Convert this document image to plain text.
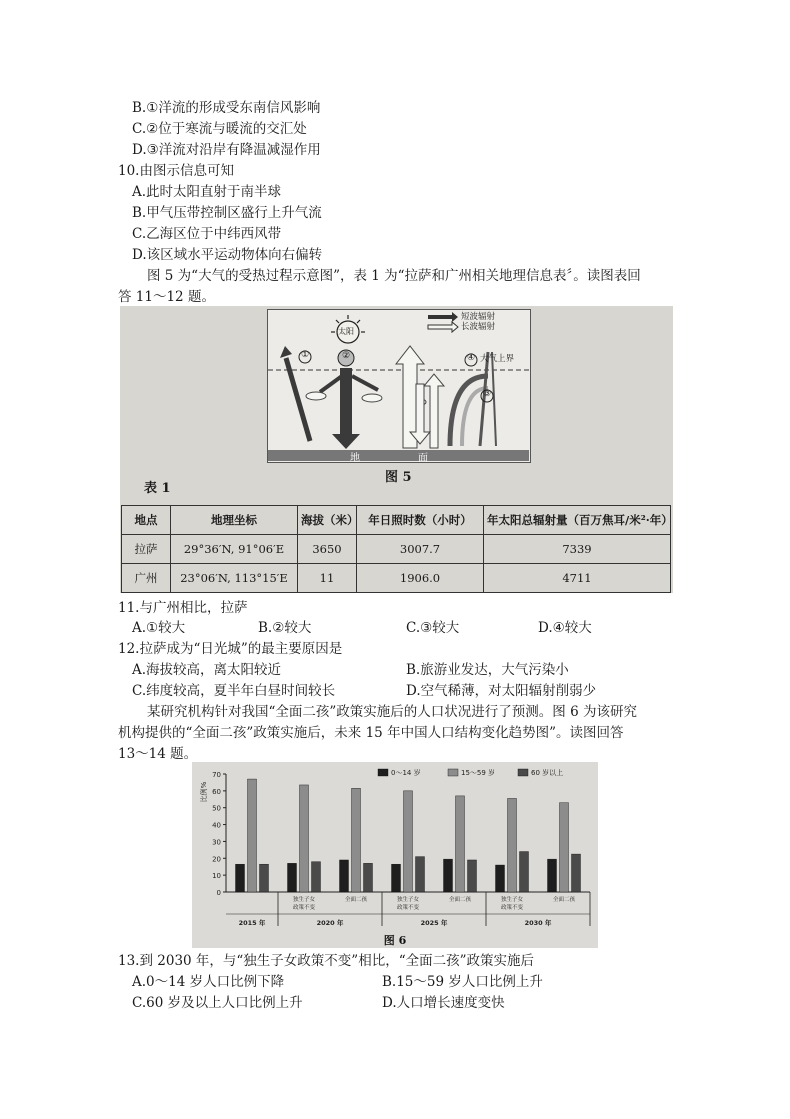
B.①洋流的形成受东南信风影响
C.②位于寒流与暖流的交汇处
D.③洋流对沿岸有降温减湿作用
10.由图示信息可知
A.此时太阳直射于南半球
B.甲气压带控制区盛行上升气流
C.乙海区位于中纬西风带
D.该区域水平运动物体向右偏转
图 5 为“大气的受热过程示意图”，表 1 为“拉萨和广州相关地理信息表〞。读图表回
答 11～12 题。
太阳
短波辐射
长波辐射
大气上界
①	②
③
④
地	面
图 5
表 1
地点	地理坐标	海拔（米）	年日照时数（小时）	年太阳总辐射量（百万焦耳/米²·年）
拉萨	29°36′N, 91°06′E	3650	3007.7	7339
广州	23°06′N, 113°15′E	11	1906.0	4711
11.与广州相比，拉萨
A.①较大	B.②较大	C.③较大	D.④较大
12.拉萨成为“日光城”的最主要原因是
A.海拔较高，离太阳较近	B.旅游业发达，大气污染小
C.纬度较高，夏半年白昼时间较长	D.空气稀薄，对太阳辐射削弱少
某研究机构针对我国“全面二孩”政策实施后的人口状况进行了预测。图 6 为该研究
机构提供的“全面二孩”政策实施后，未来 15 年中国人口结构变化趋势图”。读图回答
13～14 题。
0
10
20
30
40
50
60
70
比例%
独生子女
政策不变
全面二孩	独生子女
政策不变
全面二孩	独生子女
政策不变
全面二孩
2015 年	2020 年	2025 年	2030 年
0～14 岁	15～59 岁	60 岁以上
图 6
13.到 2030 年，与“独生子女政策不变”相比，“全面二孩”政策实施后
A.0～14 岁人口比例下降	B.15～59 岁人口比例上升
C.60 岁及以上人口比例上升	D.人口增长速度变快
